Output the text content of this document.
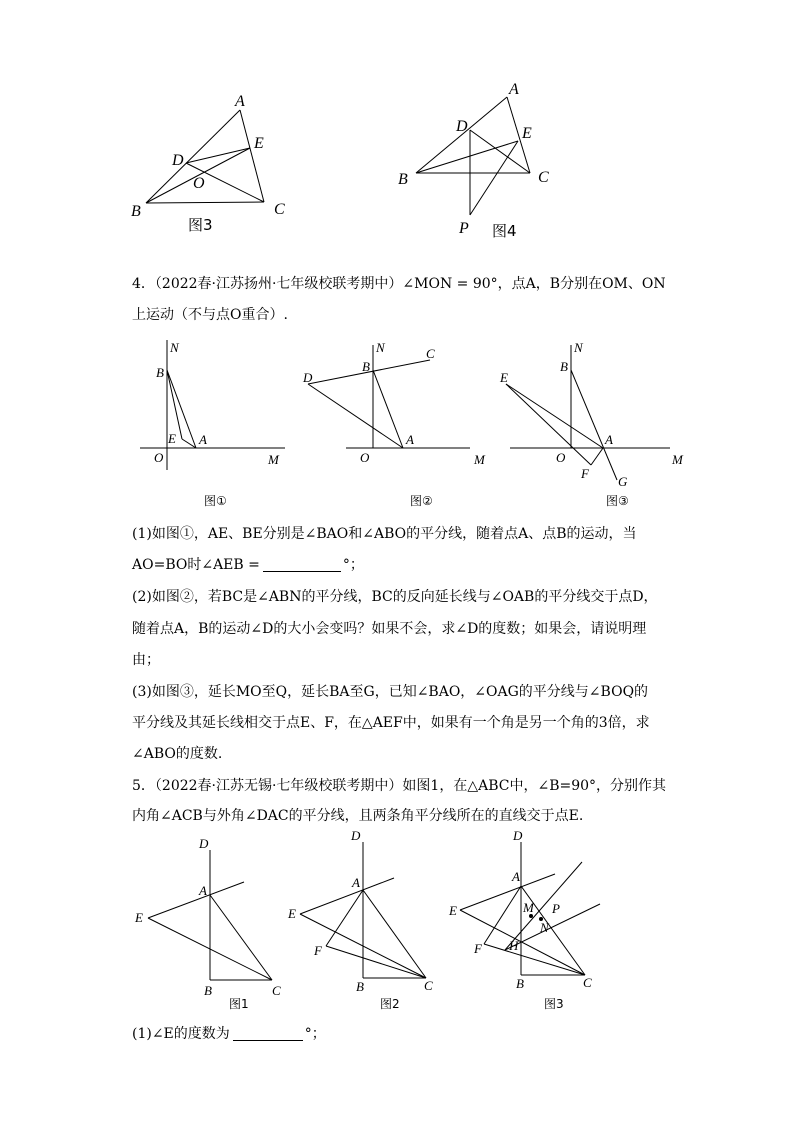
A
E
D
O
B	C
图3
A
D	E
B	C
P 图4
N
B
E A
O	M
图①
N	C
D
B
A
O	M
图②
N
E
B
A
O	M
F
G
图③
D
A
E
B	C
图1
D
A
E
F
B	C
图2
D
A
E	M P
N
F H
B	C
图3
4．（2022春·江苏扬州·七年级校联考期中）∠MON = 90°，点A，B分别在OM、ON
上运动（不与点O重合）.
(1)如图①，AE、BE分别是∠BAO和∠ABO的平分线，随着点A、点B的运动，当
AO=BO时∠AEB =	°；
(2)如图②，若BC是∠ABN的平分线，BC的反向延长线与∠OAB的平分线交于点D，
随着点A，B的运动∠D的大小会变吗？如果不会，求∠D的度数；如果会，请说明理
由；
(3)如图③，延长MO至Q，延长BA至G，已知∠BAO，∠OAG的平分线与∠BOQ的
平分线及其延长线相交于点E、F，在△AEF中，如果有一个角是另一个角的3倍，求
∠ABO的度数.
5．（2022春·江苏无锡·七年级校联考期中）如图1，在△ABC中，∠B=90°，分别作其
内角∠ACB与外角∠DAC的平分线，且两条角平分线所在的直线交于点E.
(1)∠E的度数为	°；
